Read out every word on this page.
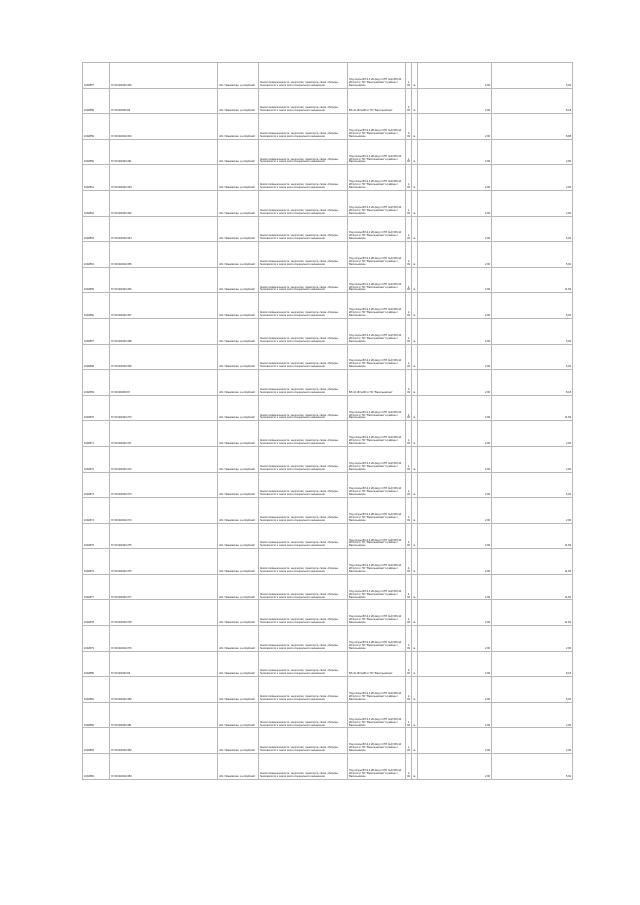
1002857	37:30:000320:306	обл. Ивановская, р-н Шуйский	Земли промышленности, энергетики, транспорта, связи, обороны, безопасности и земли иного специального назначения	Под опоры ВЛ-0,4 кВ фид.1 КТП №44 ВЛ-10 кВ №11 от ПС "Васильевская" в районе с. Васильевское	1,00	га	2,96	5,92
1002858	37:30:000320:95	обл. Ивановская, р-н Шуйский	Земли промышленности, энергетики, транспорта, связи, обороны, безопасности и земли иного специального назначения	ВЛ-10 кВ №08 от ПС "Васильевская"	3,00	га	2,96	8,18
1002859	37:30:000320:364	обл. Ивановская, р-н Шуйский	Земли промышленности, энергетики, транспорта, связи, обороны, безопасности и земли иного специального назначения	Под опоры ВЛ-0,4 кВ фид.1 КТП №43 ВЛ-10 кВ №11 от ПС "Васильевская" в районе с. Васильевское	3,00	га	2,96	8,88
1002860	37:30:000320:361	обл. Ивановская, р-н Шуйский	Земли промышленности, энергетики, транспорта, связи, обороны, безопасности и земли иного специального назначения	Под опоры ВЛ-0,4 кВ фид.1 КТП №43 ВЛ-10 кВ №11 от ПС "Васильевская" в районе с. Васильевское	1,00	га	2,96	2,96
1002861	37:30:000320:363	обл. Ивановская, р-н Шуйский	Земли промышленности, энергетики, транспорта, связи, обороны, безопасности и земли иного специального назначения	Под опоры ВЛ-0,4 кВ фид.1 КТП №43 ВЛ-10 кВ №11 от ПС "Васильевская" в районе с. Васильевское	1,00	га	2,96	2,96
1002862	37:30:000320:362	обл. Ивановская, р-н Шуйский	Земли промышленности, энергетики, транспорта, связи, обороны, безопасности и земли иного специального назначения	Под опоры ВЛ-0,4 кВ фид.1 КТП №43 ВЛ-10 кВ №11 от ПС "Васильевская" в районе с. Васильевское	1,00	га	2,96	2,96
1002863	37:30:000320:364	обл. Ивановская, р-н Шуйский	Земли промышленности, энергетики, транспорта, связи, обороны, безопасности и земли иного специального назначения	Под опоры ВЛ-0,4 кВ фид.1 КТП №43 ВЛ-10 кВ №11 от ПС "Васильевская" в районе с. Васильевское	2,00	га	2,96	5,92
1002864	37:30:000320:365	обл. Ивановская, р-н Шуйский	Земли промышленности, энергетики, транспорта, связи, обороны, безопасности и земли иного специального назначения	Под опоры ВЛ-0,4 кВ фид.1 КТП №43 ВЛ-10 кВ №11 от ПС "Васильевская" в районе с. Васильевское	2,00	га	2,96	5,92
1002865	37:30:000320:366	обл. Ивановская, р-н Шуйский	Земли промышленности, энергетики, транспорта, связи, обороны, безопасности и земли иного специального назначения	Под опоры ВЛ-0,4 кВ фид.1 КТП №43 ВЛ-10 кВ №11 от ПС "Васильевская" в районе с. Васильевское	4,00	га	2,96	11,84
1002866	37:30:000320:367	обл. Ивановская, р-н Шуйский	Земли промышленности, энергетики, транспорта, связи, обороны, безопасности и земли иного специального назначения	Под опоры ВЛ-0,4 кВ фид.1 КТП №43 ВЛ-10 кВ №11 от ПС "Васильевская" в районе с. Васильевское	2,00	га	2,96	5,92
1002867	37:30:000320:368	обл. Ивановская, р-н Шуйский	Земли промышленности, энергетики, транспорта, связи, обороны, безопасности и земли иного специального назначения	Под опоры ВЛ-0,4 кВ фид.1 КТП №43 ВЛ-10 кВ №11 от ПС "Васильевская" в районе с. Васильевское	2,00	га	2,96	5,92
1002868	37:30:000320:369	обл. Ивановская, р-н Шуйский	Земли промышленности, энергетики, транспорта, связи, обороны, безопасности и земли иного специального назначения	Под опоры ВЛ-0,4 кВ фид.1 КТП №43 ВЛ-10 кВ №11 от ПС "Васильевская" в районе с. Васильевское	2,00	га	2,96	5,92
1002869	37:30:000320:97	обл. Ивановская, р-н Шуйский	Земли промышленности, энергетики, транспорта, связи, обороны, безопасности и земли иного специального назначения	ВЛ-10 кВ №08 от ПС "Васильевская"	3,00	га	2,96	8,18
1002870	37:30:000320:370	обл. Ивановская, р-н Шуйский	Земли промышленности, энергетики, транспорта, связи, обороны, безопасности и земли иного специального назначения	Под опоры ВЛ-0,4 кВ фид.1 КТП №43 ВЛ-10 кВ №11 от ПС "Васильевская" в районе с. Васильевское	4,00	га	2,96	11,84
1002871	37:30:000320:371	обл. Ивановская, р-н Шуйский	Земли промышленности, энергетики, транспорта, связи, обороны, безопасности и земли иного специального назначения	Под опоры ВЛ-0,4 кВ фид.1 КТП №43 ВЛ-10 кВ №11 от ПС "Васильевская" в районе с. Васильевское	1,00	га	2,96	2,96
1002872	37:30:000320:372	обл. Ивановская, р-н Шуйский	Земли промышленности, энергетики, транспорта, связи, обороны, безопасности и земли иного специального назначения	Под опоры ВЛ-0,4 кВ фид.1 КТП №43 ВЛ-10 кВ №11 от ПС "Васильевская" в районе с. Васильевское	1,00	га	2,96	2,96
1002873	37:30:000320:373	обл. Ивановская, р-н Шуйский	Земли промышленности, энергетики, транспорта, связи, обороны, безопасности и земли иного специального назначения	Под опоры ВЛ-0,4 кВ фид.1 КТП №43 ВЛ-10 кВ №11 от ПС "Васильевская" в районе с. Васильевское	2,00	га	2,96	5,92
1002874	37:30:000320:374	обл. Ивановская, р-н Шуйский	Земли промышленности, энергетики, транспорта, связи, обороны, безопасности и земли иного специального назначения	Под опоры ВЛ-0,4 кВ фид.1 КТП №43 ВЛ-10 кВ №11 от ПС "Васильевская" в районе с. Васильевское	1,00	га	2,96	2,96
1002875	37:30:000320:375	обл. Ивановская, р-н Шуйский	Земли промышленности, энергетики, транспорта, связи, обороны, безопасности и земли иного специального назначения	Под опоры ВЛ-0,4 кВ фид.1 КТП №43 ВЛ-10 кВ №11 от ПС "Васильевская" в районе с. Васильевское	4,00	га	2,96	11,84
1002876	37:30:000320:376	обл. Ивановская, р-н Шуйский	Земли промышленности, энергетики, транспорта, связи, обороны, безопасности и земли иного специального назначения	Под опоры ВЛ-0,4 кВ фид.1 КТП №43 ВЛ-10 кВ №11 от ПС "Васильевская" в районе с. Васильевское	4,00	га	2,96	11,84
1002877	37:30:000320:377	обл. Ивановская, р-н Шуйский	Земли промышленности, энергетики, транспорта, связи, обороны, безопасности и земли иного специального назначения	Под опоры ВЛ-0,4 кВ фид.1 КТП №43 ВЛ-10 кВ №11 от ПС "Васильевская" в районе с. Васильевское	4,00	га	2,96	11,84
1002878	37:30:000320:378	обл. Ивановская, р-н Шуйский	Земли промышленности, энергетики, транспорта, связи, обороны, безопасности и земли иного специального назначения	Под опоры ВЛ-0,4 кВ фид.1 КТП №43 ВЛ-10 кВ №11 от ПС "Васильевская" в районе с. Васильевское	4,00	га	2,96	11,84
1002879	37:30:000320:379	обл. Ивановская, р-н Шуйский	Земли промышленности, энергетики, транспорта, связи, обороны, безопасности и земли иного специального назначения	Под опоры ВЛ-0,4 кВ фид.1 КТП №43 ВЛ-10 кВ №11 от ПС "Васильевская" в районе с. Васильевское	1,00	га	2,96	2,96
1002880	37:30:000320:96	обл. Ивановская, р-н Шуйский	Земли промышленности, энергетики, транспорта, связи, обороны, безопасности и земли иного специального назначения	ВЛ-10 кВ №08 от ПС "Васильевская"	3,00	га	2,96	8,18
1002881	37:30:000320:380	обл. Ивановская, р-н Шуйский	Земли промышленности, энергетики, транспорта, связи, обороны, безопасности и земли иного специального назначения	Под опоры ВЛ-0,4 кВ фид.1 КТП №43 ВЛ-10 кВ №11 от ПС "Васильевская" в районе с. Васильевское	2,00	га	2,96	5,92
1002882	37:30:000320:381	обл. Ивановская, р-н Шуйский	Земли промышленности, энергетики, транспорта, связи, обороны, безопасности и земли иного специального назначения	Под опоры ВЛ-0,4 кВ фид.1 КТП №43 ВЛ-10 кВ №11 от ПС "Васильевская" в районе с. Васильевское	1,00	га	2,96	2,96
1002883	37:30:000320:382	обл. Ивановская, р-н Шуйский	Земли промышленности, энергетики, транспорта, связи, обороны, безопасности и земли иного специального назначения	Под опоры ВЛ-0,4 кВ фид.1 КТП №43 ВЛ-10 кВ №11 от ПС "Васильевская" в районе с. Васильевское	1,00	га	2,96	2,96
1002884	37:30:000320:383	обл. Ивановская, р-н Шуйский	Земли промышленности, энергетики, транспорта, связи, обороны, безопасности и земли иного специального назначения	Под опоры ВЛ-0,4 кВ фид.1 КТП №43 ВЛ-10 кВ №11 от ПС "Васильевская" в районе с. Васильевское	2,00	га	2,96	5,92
